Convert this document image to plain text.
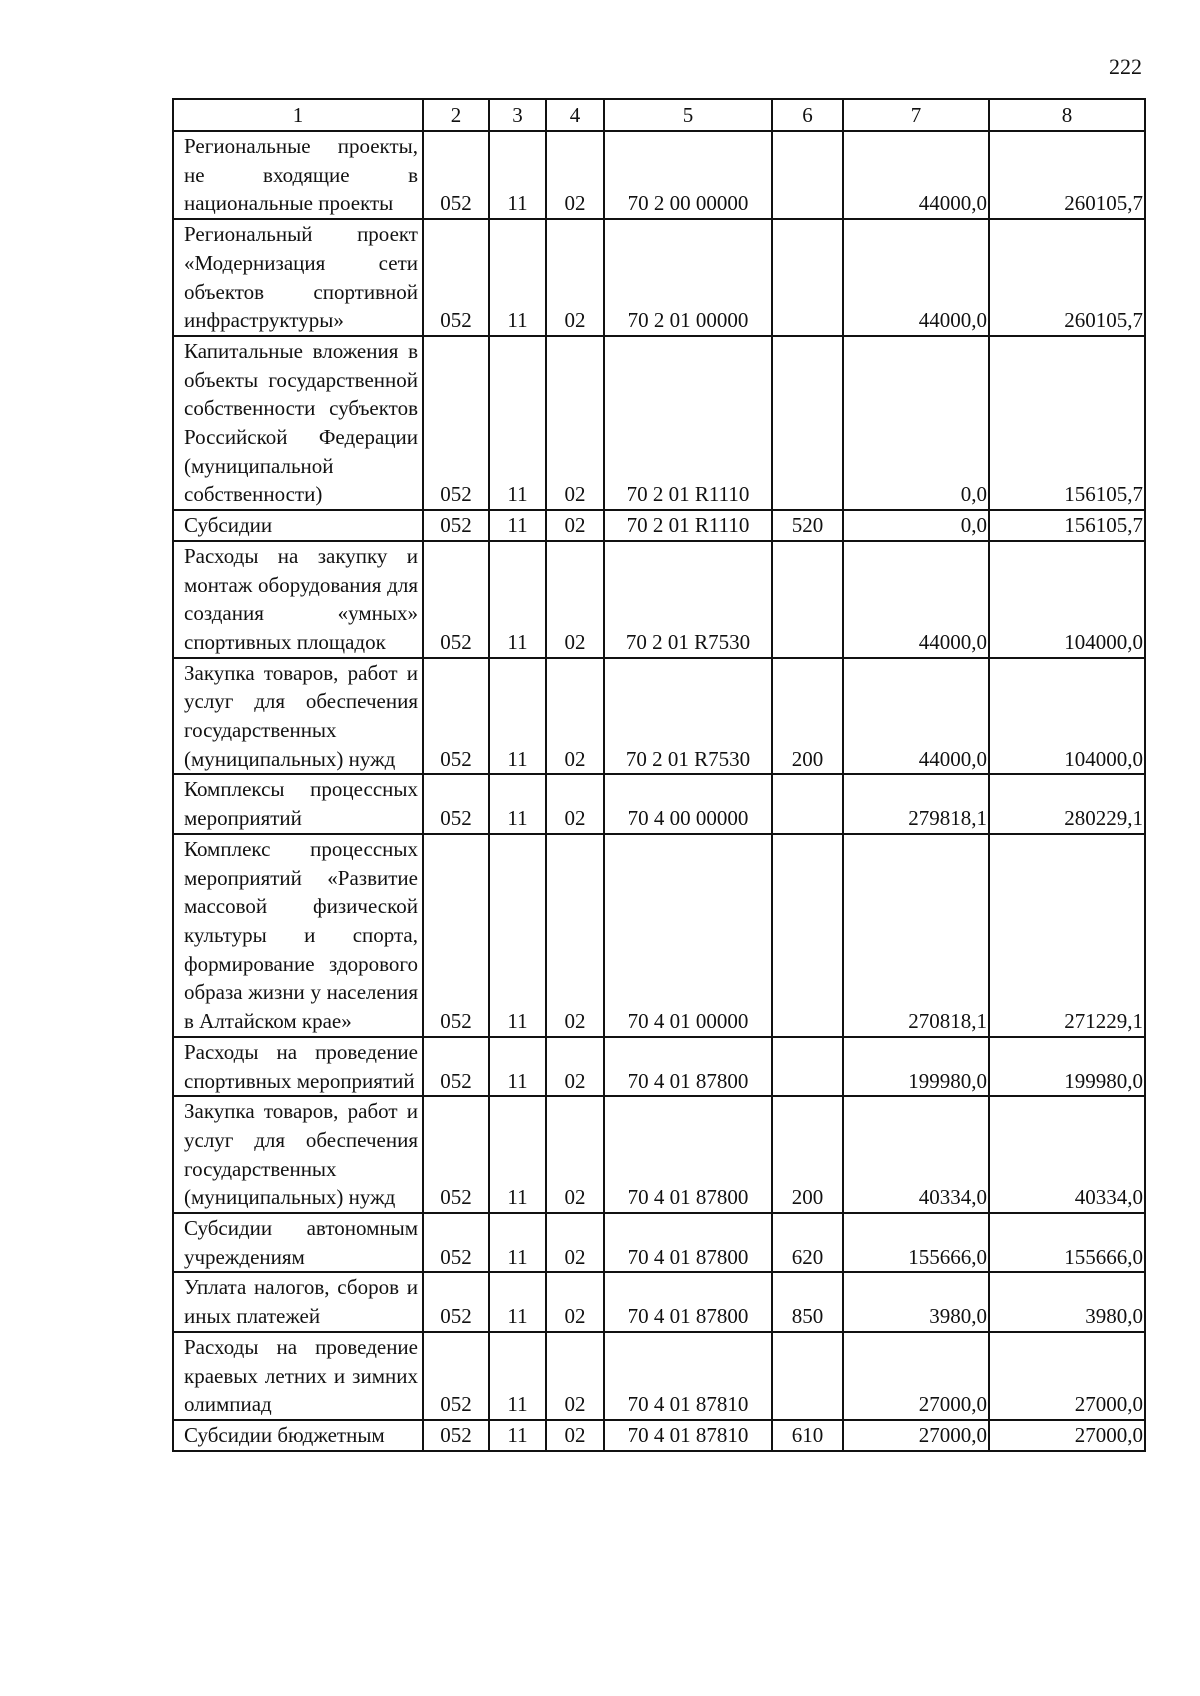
222
1	2	3	4	5	6	7	8
Региональные проекты, не входящие в национальные проекты	052	11	02	70 2 00 00000		44000,0	260105,7
Региональный проект «Модернизация сети объектов спортивной инфраструктуры»	052	11	02	70 2 01 00000		44000,0	260105,7
Капитальные вложения в объекты государственной собственности субъектов Российской Федерации (муниципальной собственности)	052	11	02	70 2 01 R1110		0,0	156105,7
Субсидии	052	11	02	70 2 01 R1110	520	0,0	156105,7
Расходы на закупку и монтаж оборудования для создания «умных» спортивных площадок	052	11	02	70 2 01 R7530		44000,0	104000,0
Закупка товаров, работ и услуг для обеспечения государственных (муниципальных) нужд	052	11	02	70 2 01 R7530	200	44000,0	104000,0
Комплексы процессных мероприятий	052	11	02	70 4 00 00000		279818,1	280229,1
Комплекс процессных мероприятий «Развитие массовой физической культуры и спорта, формирование здорового образа жизни у населения в Алтайском крае»	052	11	02	70 4 01 00000		270818,1	271229,1
Расходы на проведение спортивных мероприятий	052	11	02	70 4 01 87800		199980,0	199980,0
Закупка товаров, работ и услуг для обеспечения государственных (муниципальных) нужд	052	11	02	70 4 01 87800	200	40334,0	40334,0
Субсидии автономным учреждениям	052	11	02	70 4 01 87800	620	155666,0	155666,0
Уплата налогов, сборов и иных платежей	052	11	02	70 4 01 87800	850	3980,0	3980,0
Расходы на проведение краевых летних и зимних олимпиад	052	11	02	70 4 01 87810		27000,0	27000,0
Субсидии бюджетным	052	11	02	70 4 01 87810	610	27000,0	27000,0
